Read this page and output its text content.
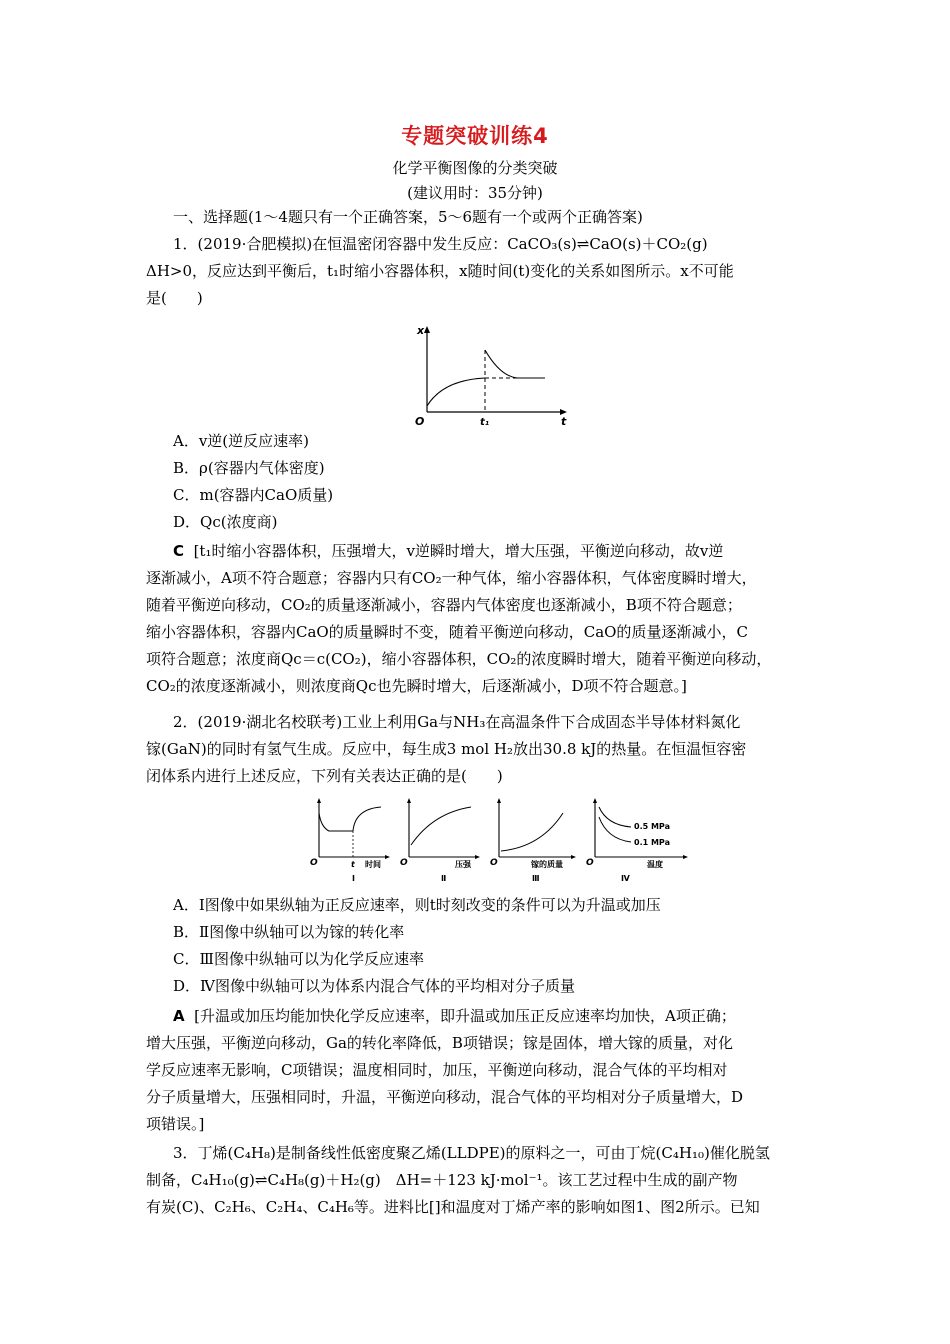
专题突破训练4
化学平衡图像的分类突破
(建议用时：35分钟)
一、选择题(1～4题只有一个正确答案，5～6题有一个或两个正确答案)
1．(2019·合肥模拟)在恒温密闭容器中发生反应：CaCO₃(s)⇌CaO(s)＋CO₂(g)
ΔH>0，反应达到平衡后，t₁时缩小容器体积，x随时间(t)变化的关系如图所示。x不可能
是(　　)
x
t
O	t₁
A．v逆(逆反应速率)
B．ρ(容器内气体密度)
C．m(容器内CaO质量)
D．Qc(浓度商)
C [t₁时缩小容器体积，压强增大，v逆瞬时增大，增大压强，平衡逆向移动，故v逆
逐渐减小，A项不符合题意；容器内只有CO₂一种气体，缩小容器体积，气体密度瞬时增大，
随着平衡逆向移动，CO₂的质量逐渐减小，容器内气体密度也逐渐减小，B项不符合题意；
缩小容器体积，容器内CaO的质量瞬时不变，随着平衡逆向移动，CaO的质量逐渐减小，C
项符合题意；浓度商Qc＝c(CO₂)，缩小容器体积，CO₂的浓度瞬时增大，随着平衡逆向移动，
CO₂的浓度逐渐减小，则浓度商Qc也先瞬时增大，后逐渐减小，D项不符合题意。]
2．(2019·湖北名校联考)工业上利用Ga与NH₃在高温条件下合成固态半导体材料氮化
镓(GaN)的同时有氢气生成。反应中，每生成3 mol H₂放出30.8 kJ的热量。在恒温恒容密
闭体系内进行上述反应，下列有关表达正确的是(　　)
O	t 时间
Ⅰ
O	压强
Ⅱ
O	镓的质量
Ⅲ
0.5 MPa
0.1 MPa
O	温度
Ⅳ
A．Ⅰ图像中如果纵轴为正反应速率，则t时刻改变的条件可以为升温或加压
B．Ⅱ图像中纵轴可以为镓的转化率
C．Ⅲ图像中纵轴可以为化学反应速率
D．Ⅳ图像中纵轴可以为体系内混合气体的平均相对分子质量
A [升温或加压均能加快化学反应速率，即升温或加压正反应速率均加快，A项正确；
增大压强，平衡逆向移动，Ga的转化率降低，B项错误；镓是固体，增大镓的质量，对化
学反应速率无影响，C项错误；温度相同时，加压，平衡逆向移动，混合气体的平均相对
分子质量增大，压强相同时，升温，平衡逆向移动，混合气体的平均相对分子质量增大，D
项错误。]
3．丁烯(C₄H₈)是制备线性低密度聚乙烯(LLDPE)的原料之一，可由丁烷(C₄H₁₀)催化脱氢
制备，C₄H₁₀(g)⇌C₄H₈(g)＋H₂(g)　ΔH=＋123 kJ·mol⁻¹。该工艺过程中生成的副产物
有炭(C)、C₂H₆、C₂H₄、C₄H₆等。进料比[]和温度对丁烯产率的影响如图1、图2所示。已知
